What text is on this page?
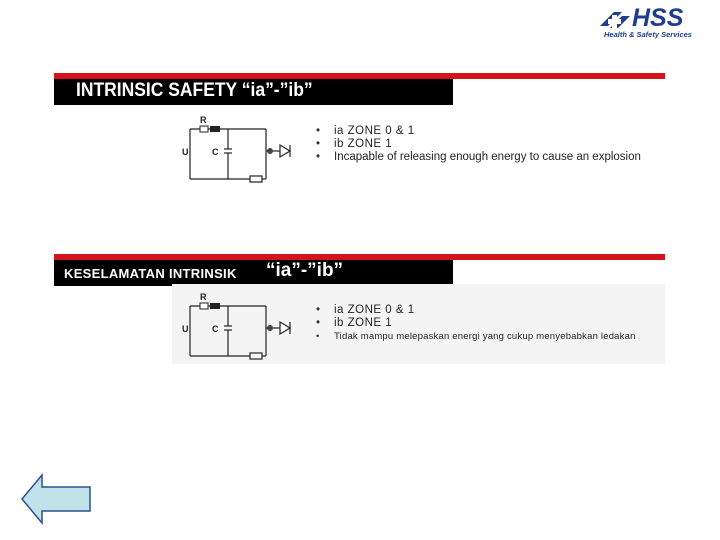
HSS
Health & Safety Services
INTRINSIC SAFETY “ia”-”ib”
R
U	C
• ia ZONE 0 & 1
• ib ZONE 1
• Incapable of releasing enough energy to cause an explosion
KESELAMATAN INTRINSIK “ia”-”ib”
R
U	C
• ia ZONE 0 & 1
• ib ZONE 1
• Tidak mampu melepaskan energi yang cukup menyebabkan ledakan
